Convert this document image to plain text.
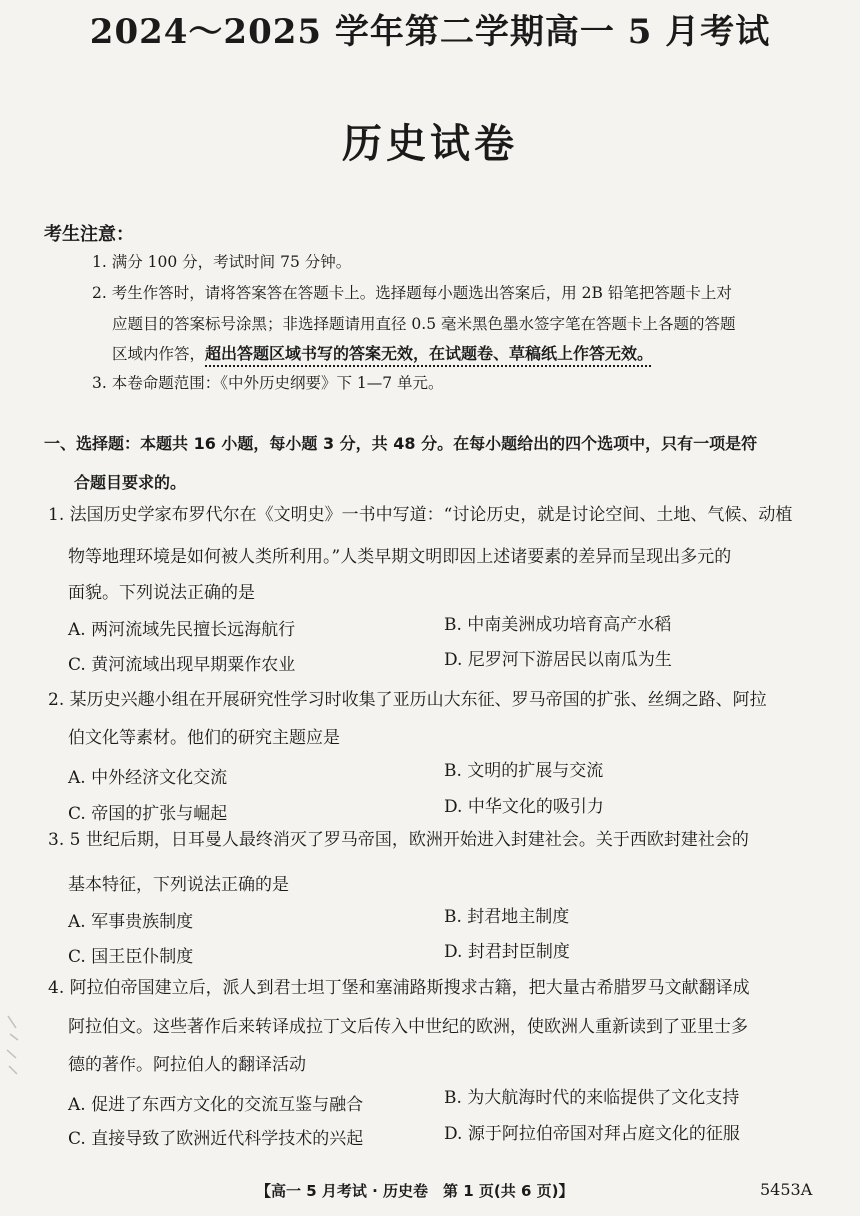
2024～2025 学年第二学期高一 5 月考试
历史试卷
考生注意：
1. 满分 100 分，考试时间 75 分钟。
2. 考生作答时，请将答案答在答题卡上。选择题每小题选出答案后，用 2B 铅笔把答题卡上对
应题目的答案标号涂黑；非选择题请用直径 0.5 毫米黑色墨水签字笔在答题卡上各题的答题
区域内作答，超出答题区域书写的答案无效，在试题卷、草稿纸上作答无效。
3. 本卷命题范围：《中外历史纲要》下 1—7 单元。
一、选择题：本题共 16 小题，每小题 3 分，共 48 分。在每小题给出的四个选项中，只有一项是符
合题目要求的。
1. 法国历史学家布罗代尔在《文明史》一书中写道：“讨论历史，就是讨论空间、土地、气候、动植
物等地理环境是如何被人类所利用。”人类早期文明即因上述诸要素的差异而呈现出多元的
面貌。下列说法正确的是
A. 两河流域先民擅长远海航行	B. 中南美洲成功培育高产水稻
C. 黄河流域出现早期粟作农业	D. 尼罗河下游居民以南瓜为生
2. 某历史兴趣小组在开展研究性学习时收集了亚历山大东征、罗马帝国的扩张、丝绸之路、阿拉
伯文化等素材。他们的研究主题应是
A. 中外经济文化交流	B. 文明的扩展与交流
C. 帝国的扩张与崛起	D. 中华文化的吸引力
3. 5 世纪后期，日耳曼人最终消灭了罗马帝国，欧洲开始进入封建社会。关于西欧封建社会的
基本特征，下列说法正确的是
A. 军事贵族制度	B. 封君地主制度
C. 国王臣仆制度	D. 封君封臣制度
4. 阿拉伯帝国建立后，派人到君士坦丁堡和塞浦路斯搜求古籍，把大量古希腊罗马文献翻译成
阿拉伯文。这些著作后来转译成拉丁文后传入中世纪的欧洲，使欧洲人重新读到了亚里士多
德的著作。阿拉伯人的翻译活动
A. 促进了东西方文化的交流互鉴与融合	B. 为大航海时代的来临提供了文化支持
C. 直接导致了欧洲近代科学技术的兴起	D. 源于阿拉伯帝国对拜占庭文化的征服
【高一 5 月考试 · 历史卷　第 1 页(共 6 页)】	5453A
